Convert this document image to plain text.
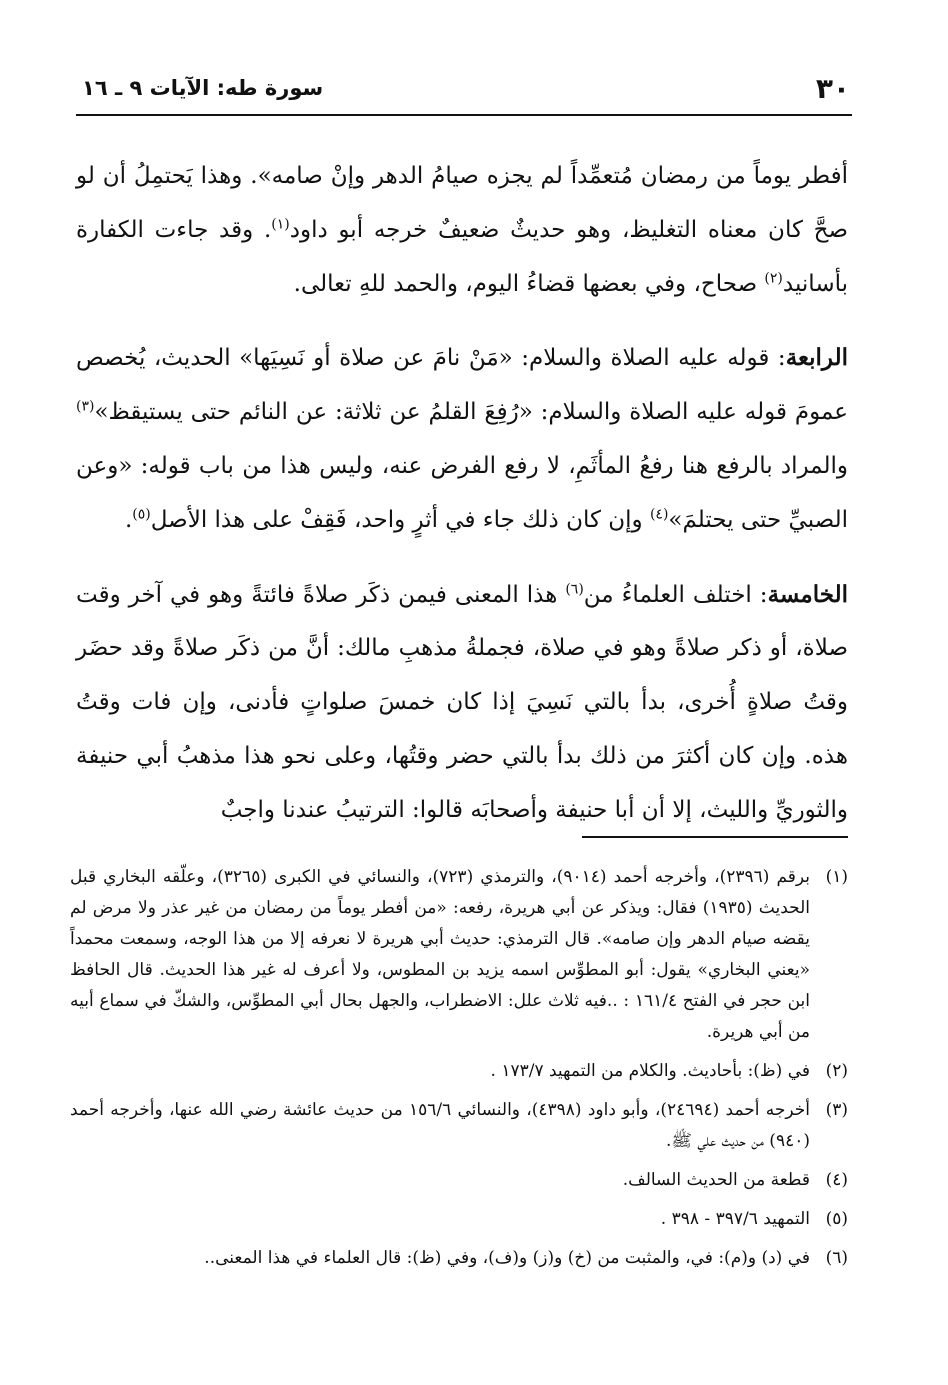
٣٠
سورة طه: الآيات ٩ ـ ١٦

أفطر يوماً من رمضان مُتعمِّداً لم يجزه صيامُ الدهر وإنْ صامه». وهذا يَحتمِلُ أن لو صحَّ كان معناه التغليظ، وهو حديثٌ ضعيفٌ خرجه أبو داود$^{(١)}$. وقد جاءت الكفارة بأسانيد$^{(٢)}$ صحاح، وفي بعضها قضاءُ اليوم، والحمد للهِ تعالى.

الرابعة: قوله عليه الصلاة والسلام: «مَنْ نامَ عن صلاة أو نَسِيَها» الحديث، يُخصص عمومَ قوله عليه الصلاة والسلام: «رُفِعَ القلمُ عن ثلاثة: عن النائم حتى يستيقظ»$^{(٣)}$ والمراد بالرفع هنا رفعُ المأثَمِ، لا رفع الفرض عنه، وليس هذا من باب قوله: «وعن الصبيِّ حتى يحتلمَ»$^{(٤)}$ وإن كان ذلك جاء في أثرٍ واحد، فَقِفْ على هذا الأصل$^{(٥)}$.

الخامسة: اختلف العلماءُ من$^{(٦)}$ هذا المعنى فيمن ذكَر صلاةً فائتةً وهو في آخر وقت صلاة، أو ذكر صلاةً وهو في صلاة، فجملةُ مذهبِ مالك: أنَّ من ذكَر صلاةً وقد حضَر وقتُ صلاةٍ أُخرى، بدأ بالتي نَسِيَ إذا كان خمسَ صلواتٍ فأدنى، وإن فات وقتُ هذه. وإن كان أكثرَ من ذلك بدأ بالتي حضر وقتُها، وعلى نحو هذا مذهبُ أبي حنيفة والثوريِّ والليث، إلا أن أبا حنيفة وأصحابَه قالوا: الترتيبُ عندنا واجبٌ

(١)برقم (٢٣٩٦)، وأخرجه أحمد (٩٠١٤)، والترمذي (٧٢٣)، والنسائي في الكبرى (٣٢٦٥)، وعلّقه البخاري قبل الحديث (١٩٣٥) فقال: ويذكر عن أبي هريرة، رفعه: «من أفطر يوماً من رمضان من غير عذر ولا مرض لم يقضه صيام الدهر وإن صامه». قال الترمذي: حديث أبي هريرة لا نعرفه إلا من هذا الوجه، وسمعت محمداً «يعني البخاري» يقول: أبو المطوِّس اسمه يزيد بن المطوس، ولا أعرف له غير هذا الحديث. قال الحافظ ابن حجر في الفتح ١٦١/٤ : ..فيه ثلاث علل: الاضطراب، والجهل بحال أبي المطوِّس، والشكّ في سماع أبيه من أبي هريرة.

(٢)في (ظ): بأحاديث. والكلام من التمهيد ١٧٣/٧ .

(٣)أخرجه أحمد (٢٤٦٩٤)، وأبو داود (٤٣٩٨)، والنسائي ١٥٦/٦ من حديث عائشة رضي الله عنها، وأخرجه أحمد (٩٤٠) من حديث علي ﷺ.

(٤)قطعة من الحديث السالف.

(٥)التمهيد ٣٩٧/٦ - ٣٩٨ .

(٦)في (د) و(م): في، والمثبت من (خ) و(ز) و(ف)، وفي (ظ): قال العلماء في هذا المعنى..
